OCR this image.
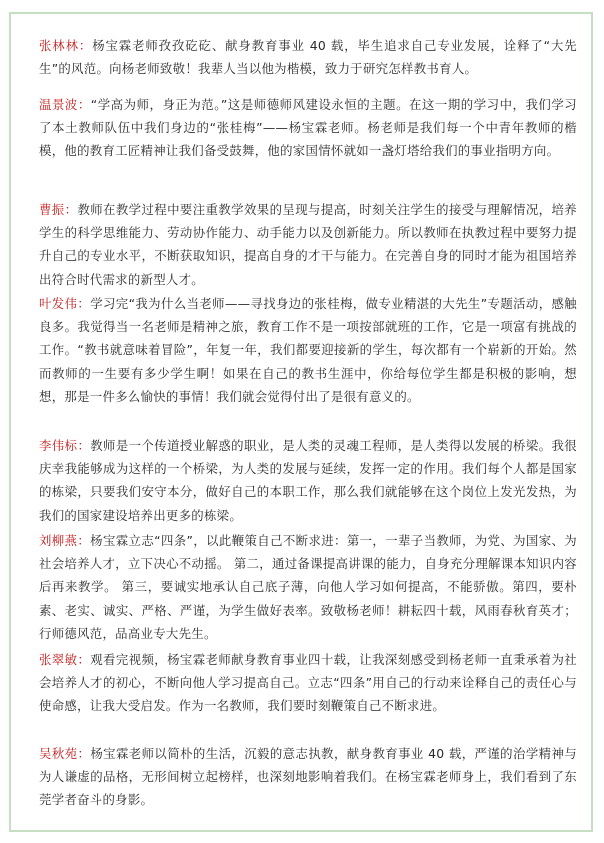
张林林：杨宝霖老师孜孜矻矻、献身教育事业 40 载，毕生追求自己专业发展，诠释了“大先生”的风范。向杨老师致敬！我辈人当以他为楷模，致力于研究怎样教书育人。

温景波：“学高为师，身正为范。”这是师德师风建设永恒的主题。在这一期的学习中，我们学习了本土教师队伍中我们身边的“张桂梅”——杨宝霖老师。杨老师是我们每一个中青年教师的楷模，他的教育工匠精神让我们备受鼓舞，他的家国情怀就如一盏灯塔给我们的事业指明方向。

曹振：教师在教学过程中要注重教学效果的呈现与提高，时刻关注学生的接受与理解情况，培养学生的科学思维能力、劳动协作能力、动手能力以及创新能力。所以教师在执教过程中要努力提升自己的专业水平，不断获取知识，提高自身的才干与能力。在完善自身的同时才能为祖国培养出符合时代需求的新型人才。

叶发伟：学习完“我为什么当老师——寻找身边的张桂梅，做专业精湛的大先生”专题活动，感触良多。我觉得当一名老师是精神之旅，教育工作不是一项按部就班的工作，它是一项富有挑战的工作。“教书就意味着冒险”，年复一年，我们都要迎接新的学生，每次都有一个崭新的开始。然而教师的一生要有多少学生啊！如果在自己的教书生涯中，你给每位学生都是积极的影响，想想，那是一件多么愉快的事情！我们就会觉得付出了是很有意义的。

李伟标：教师是一个传道授业解惑的职业，是人类的灵魂工程师，是人类得以发展的桥梁。我很庆幸我能够成为这样的一个桥梁，为人类的发展与延续，发挥一定的作用。我们每个人都是国家的栋梁，只要我们安守本分，做好自己的本职工作，那么我们就能够在这个岗位上发光发热，为我们的国家建设培养出更多的栋梁。

刘柳燕：杨宝霖立志“四条”，以此鞭策自己不断求进：第一，一辈子当教师，为党、为国家、为社会培养人才，立下决心不动摇。 第二，通过备课提高讲课的能力，自身充分理解课本知识内容后再来教学。 第三，要诚实地承认自己底子薄，向他人学习如何提高，不能骄傲。第四，要朴素、老实、诚实、严格、严谨，为学生做好表率。致敬杨老师！耕耘四十载，风雨春秋育英才；行师德风范，品高业专大先生。

张翠敏：观看完视频，杨宝霖老师献身教育事业四十载，让我深刻感受到杨老师一直秉承着为社会培养人才的初心，不断向他人学习提高自己。立志“四条”用自己的行动来诠释自己的责任心与使命感，让我大受启发。作为一名教师，我们要时刻鞭策自己不断求进。

吴秋苑：杨宝霖老师以简朴的生活，沉毅的意志执教，献身教育事业 40 载，严谨的治学精神与为人谦虚的品格，无形间树立起榜样，也深刻地影响着我们。在杨宝霖老师身上，我们看到了东莞学者奋斗的身影。
